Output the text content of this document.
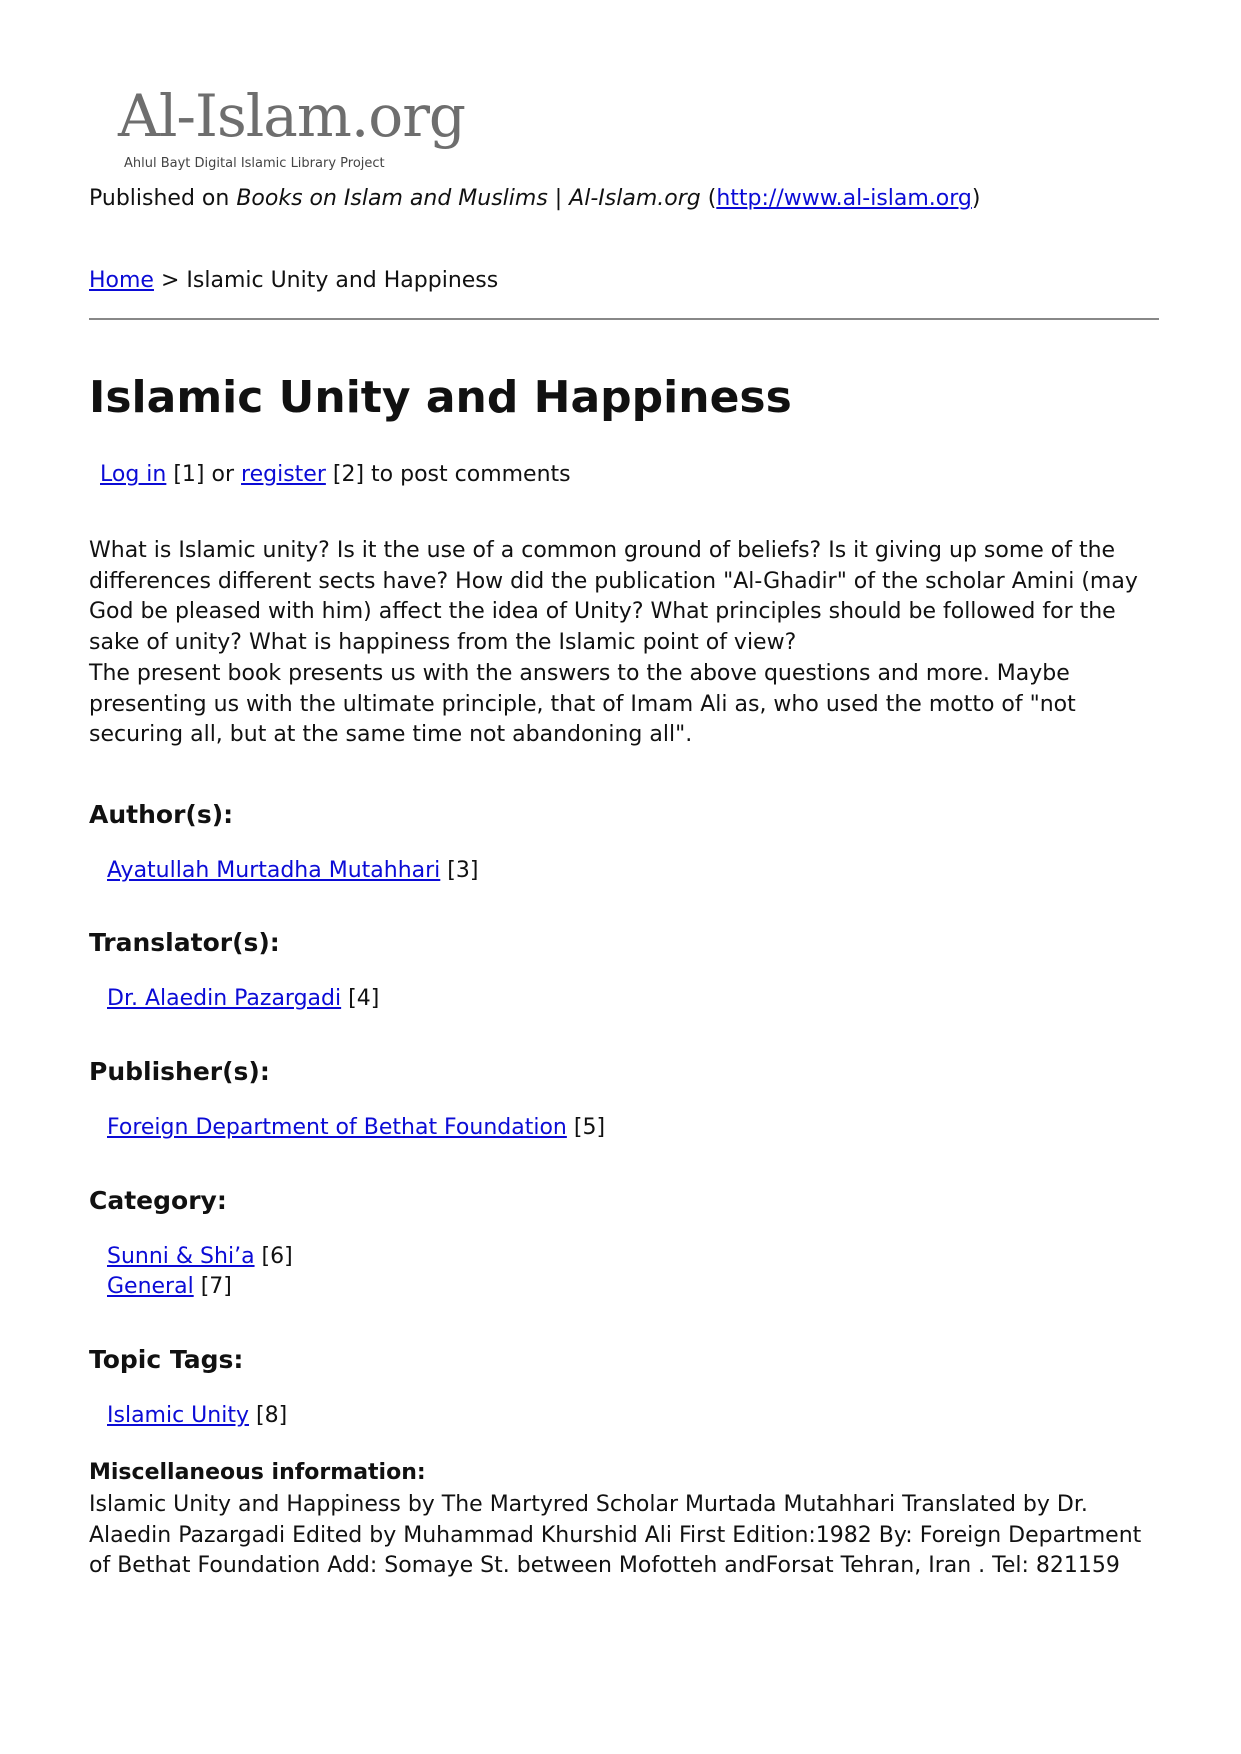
Al-Islam.org
Ahlul Bayt Digital Islamic Library Project
Published on Books on Islam and Muslims | Al-Islam.org (http://www.al-islam.org)
Home > Islamic Unity and Happiness
Islamic Unity and Happiness
Log in [1] or register [2] to post comments

What is Islamic unity? Is it the use of a common ground of beliefs? Is it giving up some of the differences different sects have? How did the publication "Al-Ghadir" of the scholar Amini (may God be pleased with him) affect the idea of Unity? What principles should be followed for the sake of unity? What is happiness from the Islamic point of view?

The present book presents us with the answers to the above questions and more. Maybe presenting us with the ultimate principle, that of Imam Ali as, who used the motto of "not securing all, but at the same time not abandoning all".

Author(s):
Ayatullah Murtadha Mutahhari [3]
Translator(s):
Dr. Alaedin Pazargadi [4]
Publisher(s):
Foreign Department of Bethat Foundation [5]
Category:
Sunni & Shi’a [6]
General [7]
Topic Tags:
Islamic Unity [8]
Miscellaneous information:
Islamic Unity and Happiness by The Martyred Scholar Murtada Mutahhari Translated by Dr. Alaedin Pazargadi Edited by Muhammad Khurshid Ali First Edition:1982 By: Foreign Department of Bethat Foundation Add: Somaye St. between Mofotteh andForsat Tehran, Iran . Tel: 821159
